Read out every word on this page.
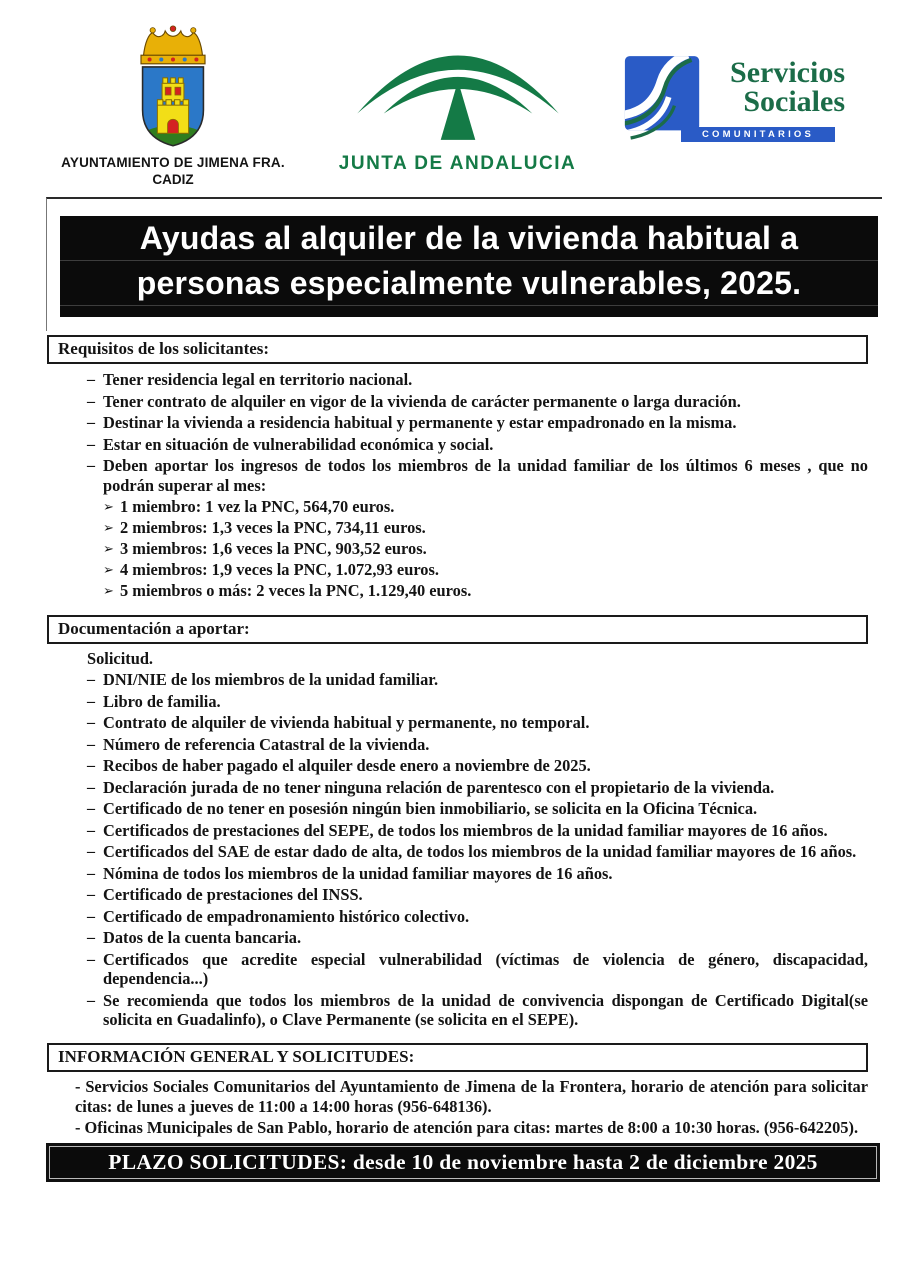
AYUNTAMIENTO DE JIMENA FRA.
CADIZ
JUNTA DE ANDALUCIA
Servicios
Sociales
COMUNITARIOS
Ayudas al alquiler de la vivienda habitual a
personas especialmente vulnerables, 2025.
Requisitos de los solicitantes:
– Tener residencia legal en territorio nacional.
– Tener contrato de alquiler en vigor de la vivienda de carácter permanente o larga duración.
– Destinar la vivienda a residencia habitual y permanente y estar empadronado en la misma.
– Estar en situación de vulnerabilidad económica y social.
– Deben aportar los ingresos de todos los miembros de la unidad familiar de los últimos 6 meses , que no podrán superar al mes:
➢ 1 miembro: 1 vez la PNC, 564,70 euros.
➢ 2 miembros: 1,3 veces la PNC, 734,11 euros.
➢ 3 miembros: 1,6 veces la PNC, 903,52 euros.
➢ 4 miembros: 1,9 veces la PNC, 1.072,93 euros.
➢ 5 miembros o más: 2 veces la PNC, 1.129,40 euros.
Documentación a aportar:
Solicitud.
– DNI/NIE de los miembros de la unidad familiar.
– Libro de familia.
– Contrato de alquiler de vivienda habitual y permanente, no temporal.
– Número de referencia Catastral de la vivienda.
– Recibos de haber pagado el alquiler desde enero a noviembre de 2025.
– Declaración jurada de no tener ninguna relación de parentesco con el propietario de la vivienda.
– Certificado de no tener en posesión ningún bien inmobiliario, se solicita en la Oficina Técnica.
– Certificados de prestaciones del SEPE, de todos los miembros de la unidad familiar mayores de 16 años.
– Certificados del SAE de estar dado de alta, de todos los miembros de la unidad familiar mayores de 16 años.
– Nómina de todos los miembros de la unidad familiar mayores de 16 años.
– Certificado de prestaciones del INSS.
– Certificado de empadronamiento histórico colectivo.
– Datos de la cuenta bancaria.
– Certificados que acredite especial vulnerabilidad (víctimas de violencia de género, discapacidad, dependencia...)
– Se recomienda que todos los miembros de la unidad de convivencia dispongan de Certificado Digital(se solicita en Guadalinfo), o Clave Permanente (se solicita en el SEPE).
INFORMACIÓN GENERAL Y SOLICITUDES:

- Servicios Sociales Comunitarios del Ayuntamiento de Jimena de la Frontera, horario de atención para solicitar citas: de lunes a jueves de 11:00 a 14:00 horas (956-648136).

- Oficinas Municipales de San Pablo, horario de atención para citas: martes de 8:00 a 10:30 horas. (956-642205).

PLAZO SOLICITUDES: desde 10 de noviembre hasta 2 de diciembre 2025
